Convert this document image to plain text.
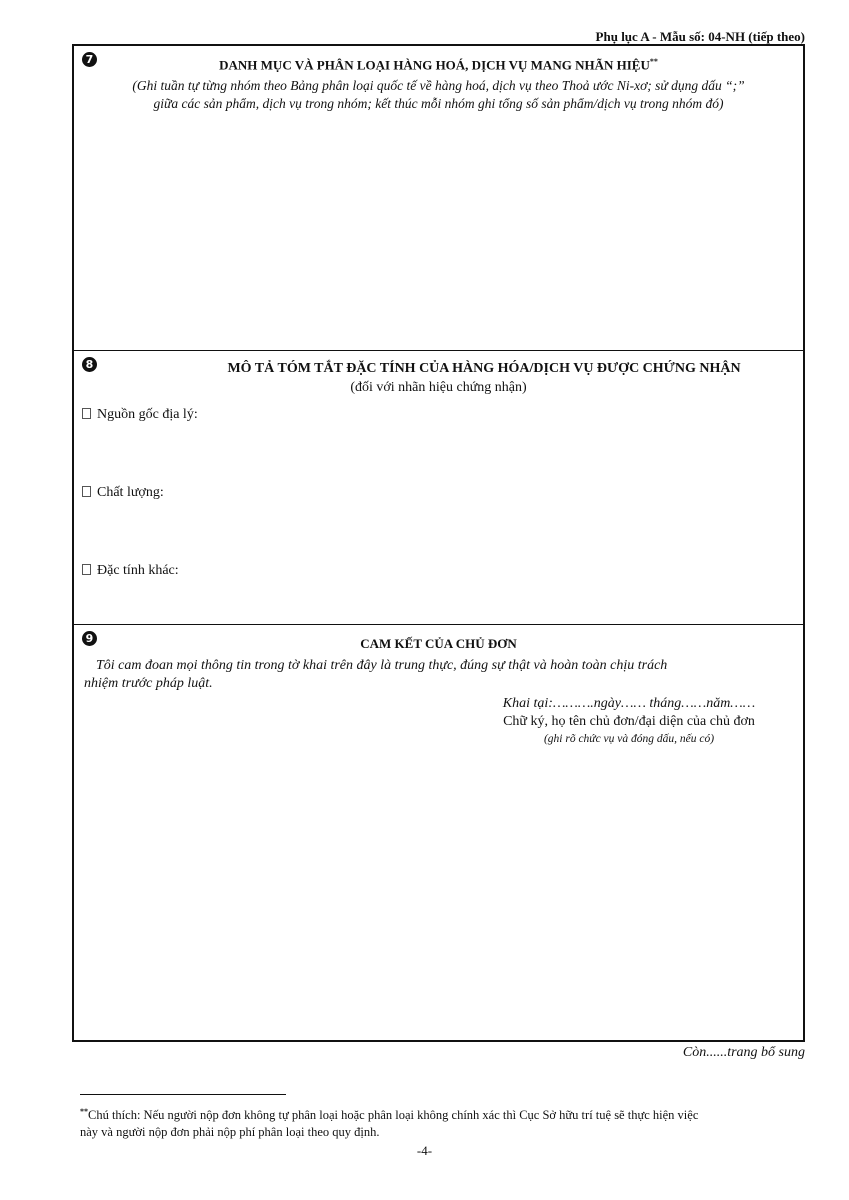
Phụ lục A - Mẫu số: 04-NH (tiếp theo)
7	DANH MỤC VÀ PHÂN LOẠI HÀNG HOÁ, DỊCH VỤ MANG NHÃN HIỆU**
(Ghi tuần tự từng nhóm theo Bảng phân loại quốc tế về hàng hoá, dịch vụ theo Thoả ước Ni-xơ; sử dụng dấu “;”
giữa các sản phẩm, dịch vụ trong nhóm; kết thúc mỗi nhóm ghi tổng số sản phẩm/dịch vụ trong nhóm đó)
8	MÔ TẢ TÓM TẮT ĐẶC TÍNH CỦA HÀNG HÓA/DỊCH VỤ ĐƯỢC CHỨNG NHẬN
(đối với nhãn hiệu chứng nhận)
Nguồn gốc địa lý:
Chất lượng:
Đặc tính khác:
9	CAM KẾT CỦA CHỦ ĐƠN
Tôi cam đoan mọi thông tin trong tờ khai trên đây là trung thực, đúng sự thật và hoàn toàn chịu trách
nhiệm trước pháp luật.
Khai tại:……….ngày…… tháng……năm……
Chữ ký, họ tên chủ đơn/đại diện của chủ đơn
(ghi rõ chức vụ và đóng dấu, nếu có)
Còn......trang bổ sung
**Chú thích: Nếu người nộp đơn không tự phân loại hoặc phân loại không chính xác thì Cục Sở hữu trí tuệ sẽ thực hiện việc
này và người nộp đơn phải nộp phí phân loại theo quy định.
-4-
